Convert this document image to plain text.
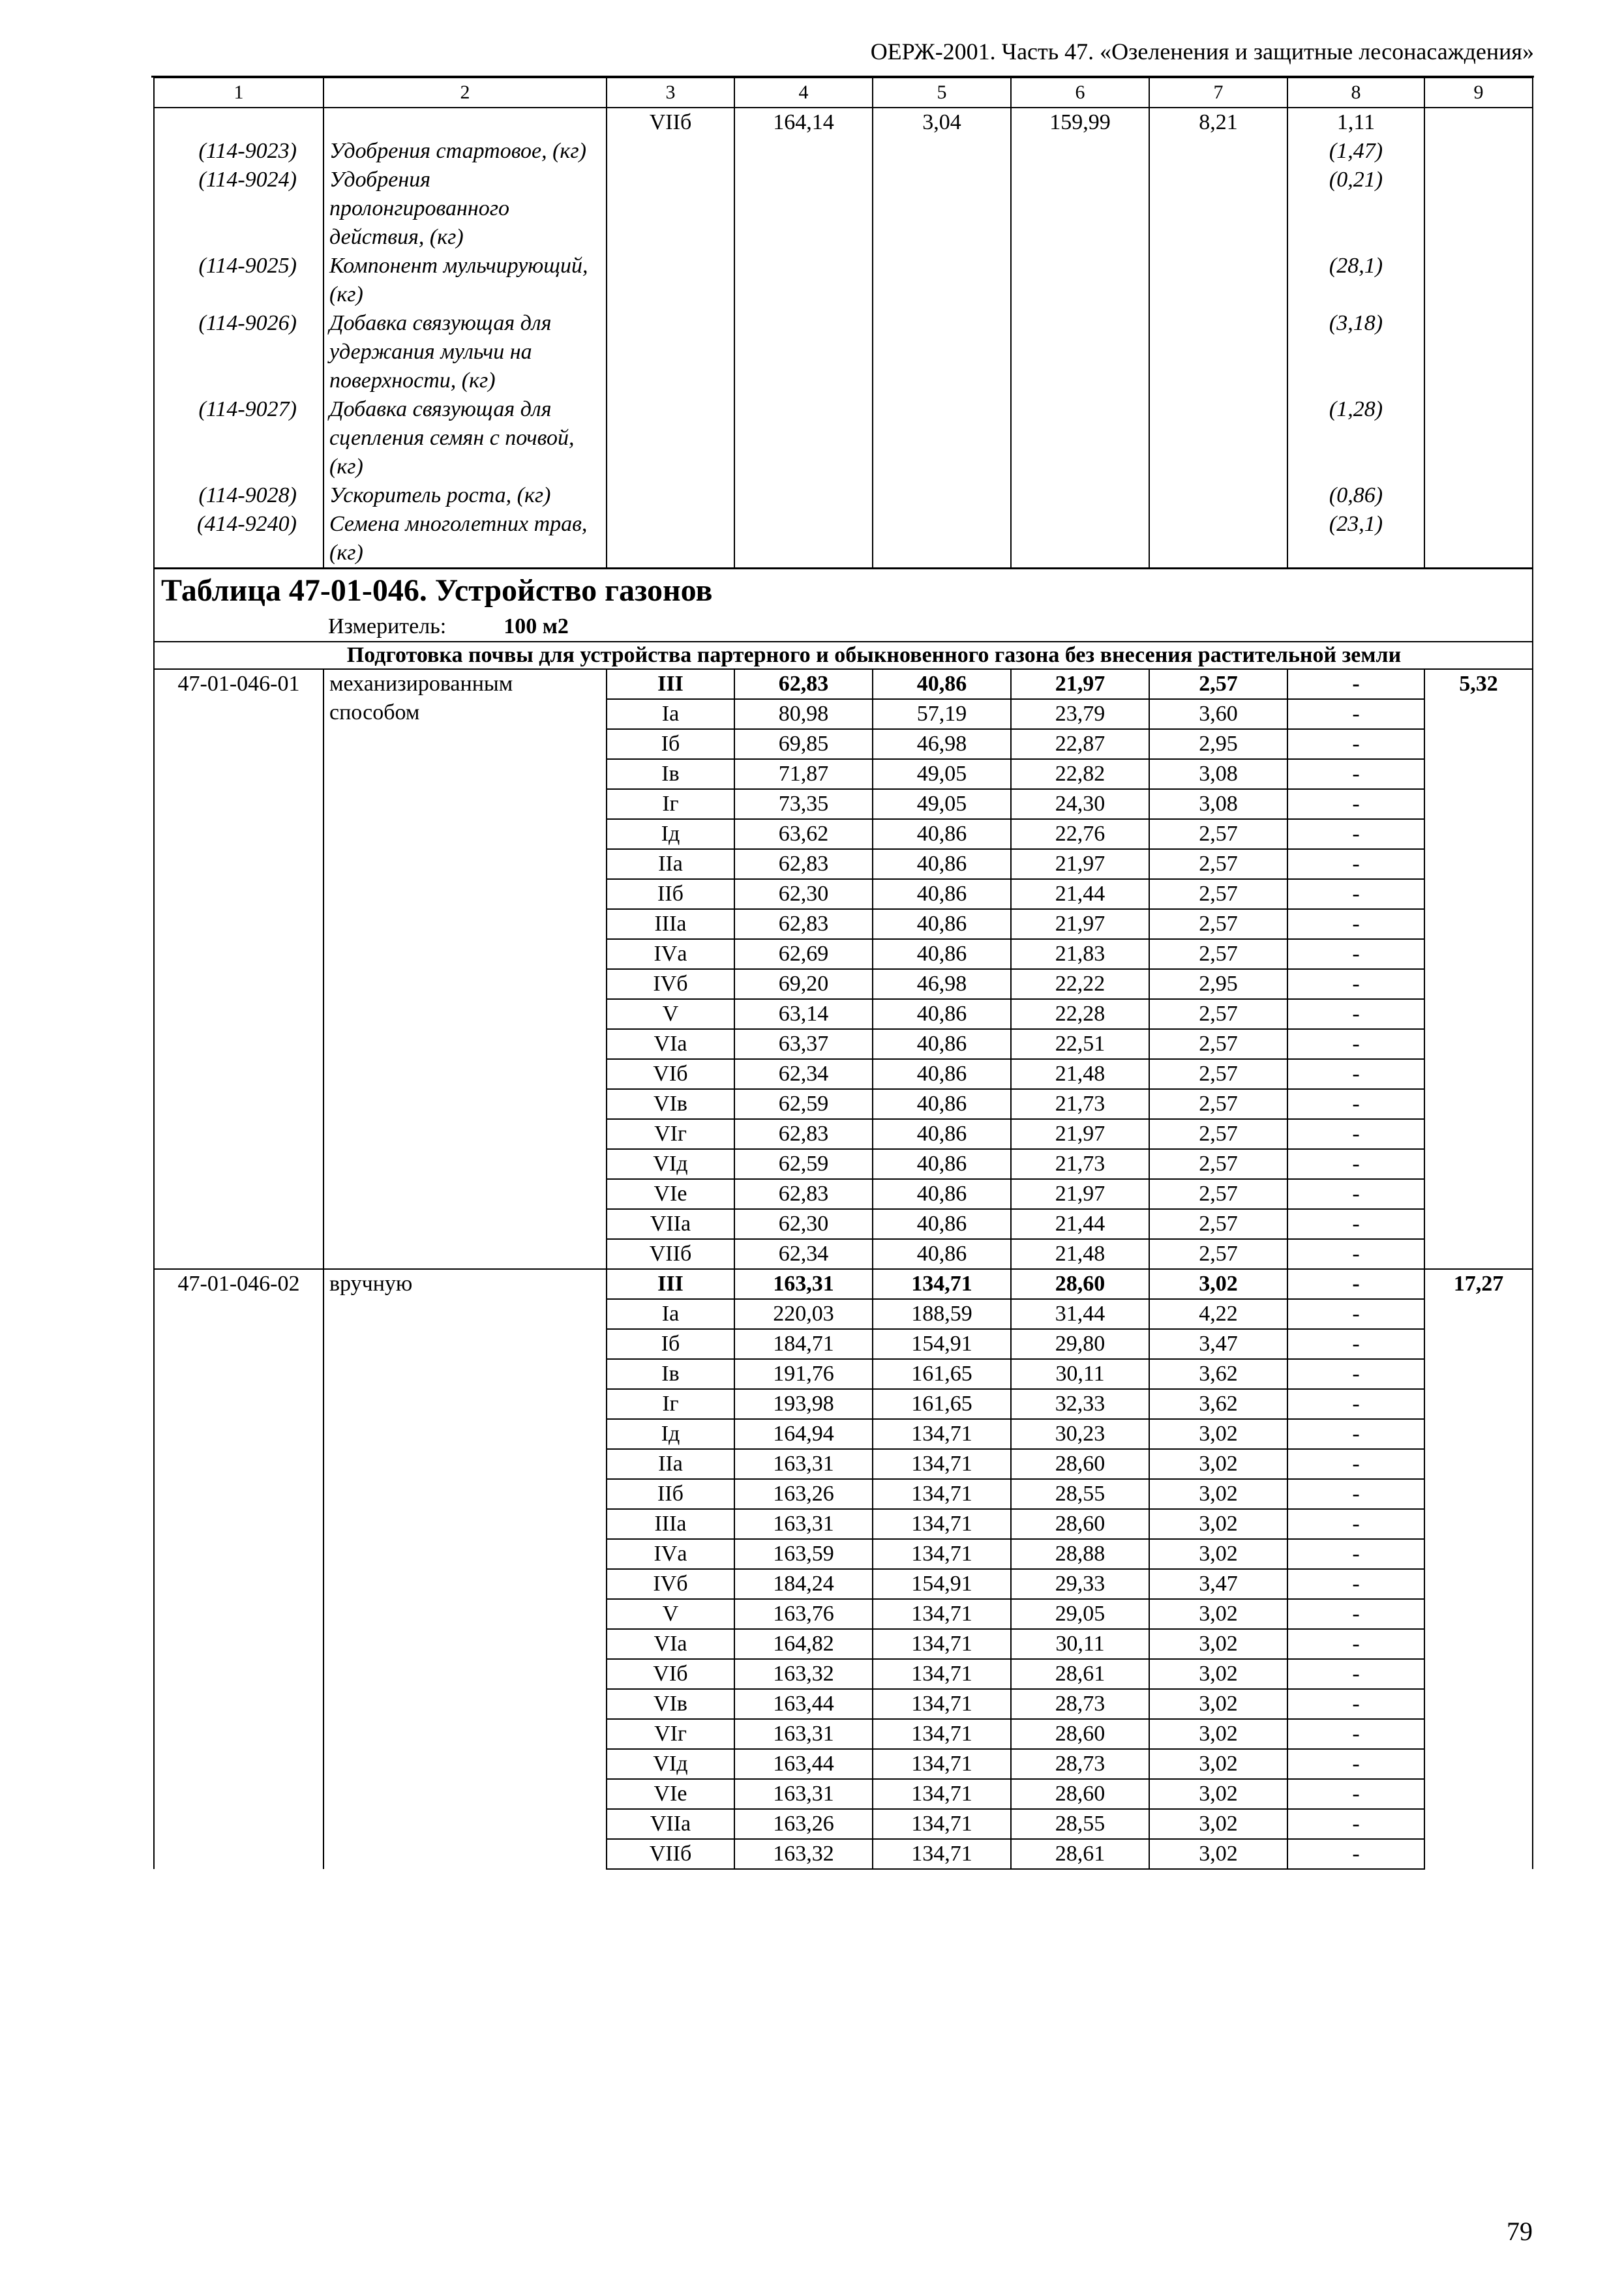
ОЕРЖ-2001. Часть 47. «Озеленения и защитные лесонасаждения»
1	2	3	4	5	6	7	8	9
		VIIб	164,14	3,04	159,99	8,21	1,11	
(114-9023)	Удобрения стартовое, (кг)						(1,47)	
(114-9024)	Удобрения пролонгированного действия, (кг)						(0,21)	
(114-9025)	Компонент мульчирующий, (кг)						(28,1)	
(114-9026)	Добавка связующая для удержания мульчи на поверхности, (кг)						(3,18)	
(114-9027)	Добавка связующая для сцепления семян с почвой, (кг)						(1,28)	
(114-9028)	Ускоритель роста, (кг)						(0,86)	
(414-9240)	Семена многолетних трав, (кг)						(23,1)	

Таблица 47-01-046. Устройство газонов
Измеритель: 100 м2								

	Подготовка почвы для устройства партерного и обыкновенного газона без внесения растительной земли							
47-01-046-01	механизированным способом	III	62,83	40,86	21,97	2,57	-	5,32
		Iа	80,98	57,19	23,79	3,60	-	
		Iб	69,85	46,98	22,87	2,95	-	
		Iв	71,87	49,05	22,82	3,08	-	
		Iг	73,35	49,05	24,30	3,08	-	
		Iд	63,62	40,86	22,76	2,57	-	
		IIа	62,83	40,86	21,97	2,57	-	
		IIб	62,30	40,86	21,44	2,57	-	
		IIIа	62,83	40,86	21,97	2,57	-	
		IVа	62,69	40,86	21,83	2,57	-	
		IVб	69,20	46,98	22,22	2,95	-	
		V	63,14	40,86	22,28	2,57	-	
		VIа	63,37	40,86	22,51	2,57	-	
		VIб	62,34	40,86	21,48	2,57	-	
		VIв	62,59	40,86	21,73	2,57	-	
		VIг	62,83	40,86	21,97	2,57	-	
		VIд	62,59	40,86	21,73	2,57	-	
		VIе	62,83	40,86	21,97	2,57	-	
		VIIа	62,30	40,86	21,44	2,57	-	
		VIIб	62,34	40,86	21,48	2,57	-	
47-01-046-02	вручную	III	163,31	134,71	28,60	3,02	-	17,27
		Iа	220,03	188,59	31,44	4,22	-	
		Iб	184,71	154,91	29,80	3,47	-	
		Iв	191,76	161,65	30,11	3,62	-	
		Iг	193,98	161,65	32,33	3,62	-	
		Iд	164,94	134,71	30,23	3,02	-	
		IIа	163,31	134,71	28,60	3,02	-	
		IIб	163,26	134,71	28,55	3,02	-	
		IIIа	163,31	134,71	28,60	3,02	-	
		IVа	163,59	134,71	28,88	3,02	-	
		IVб	184,24	154,91	29,33	3,47	-	
		V	163,76	134,71	29,05	3,02	-	
		VIа	164,82	134,71	30,11	3,02	-	
		VIб	163,32	134,71	28,61	3,02	-	
		VIв	163,44	134,71	28,73	3,02	-	
		VIг	163,31	134,71	28,60	3,02	-	
		VIд	163,44	134,71	28,73	3,02	-	
		VIе	163,31	134,71	28,60	3,02	-	
		VIIа	163,26	134,71	28,55	3,02	-	
		VIIб	163,32	134,71	28,61	3,02	-	
79
